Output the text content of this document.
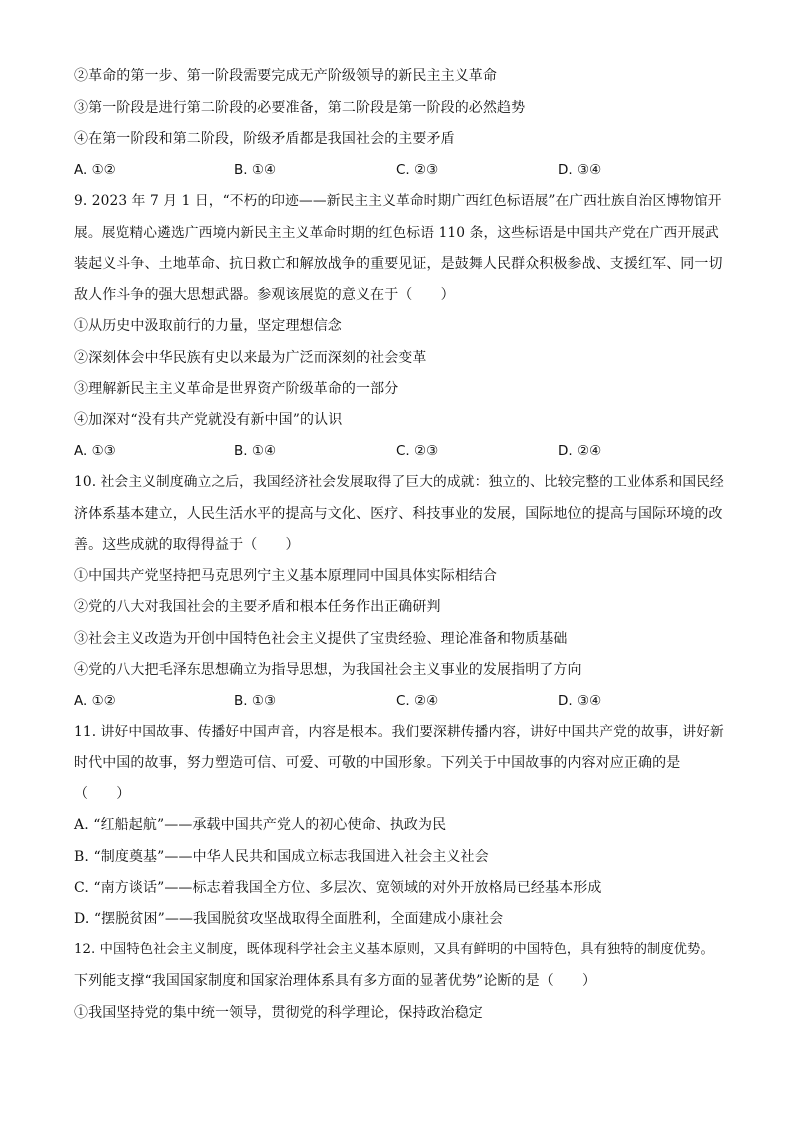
②革命的第一步、第一阶段需要完成无产阶级领导的新民主主义革命
③第一阶段是进行第二阶段的必要准备，第二阶段是第一阶段的必然趋势
④在第一阶段和第二阶段，阶级矛盾都是我国社会的主要矛盾
A. ①②	B. ①④	C. ②③	D. ③④
9. 2023 年 7 月 1 日，“不朽的印迹——新民主主义革命时期广西红色标语展”在广西壮族自治区博物馆开
展。展览精心遴选广西境内新民主主义革命时期的红色标语 110 条，这些标语是中国共产党在广西开展武
装起义斗争、土地革命、抗日救亡和解放战争的重要见证，是鼓舞人民群众积极参战、支援红军、同一切
敌人作斗争的强大思想武器。参观该展览的意义在于（　　）
①从历史中汲取前行的力量，坚定理想信念
②深刻体会中华民族有史以来最为广泛而深刻的社会变革
③理解新民主主义革命是世界资产阶级革命的一部分
④加深对“没有共产党就没有新中国”的认识
A. ①③	B. ①④	C. ②③	D. ②④
10. 社会主义制度确立之后，我国经济社会发展取得了巨大的成就：独立的、比较完整的工业体系和国民经
济体系基本建立，人民生活水平的提高与文化、医疗、科技事业的发展，国际地位的提高与国际环境的改
善。这些成就的取得得益于（　　）
①中国共产党坚持把马克思列宁主义基本原理同中国具体实际相结合
②党的八大对我国社会的主要矛盾和根本任务作出正确研判
③社会主义改造为开创中国特色社会主义提供了宝贵经验、理论准备和物质基础
④党的八大把毛泽东思想确立为指导思想，为我国社会主义事业的发展指明了方向
A. ①②	B. ①③	C. ②④	D. ③④
11. 讲好中国故事、传播好中国声音，内容是根本。我们要深耕传播内容，讲好中国共产党的故事，讲好新
时代中国的故事，努力塑造可信、可爱、可敬的中国形象。下列关于中国故事的内容对应正确的是
（　　）
A. “红船起航”——承载中国共产党人的初心使命、执政为民
B. “制度奠基”——中华人民共和国成立标志我国进入社会主义社会
C. “南方谈话”——标志着我国全方位、多层次、宽领域的对外开放格局已经基本形成
D. “摆脱贫困”——我国脱贫攻坚战取得全面胜利，全面建成小康社会
12. 中国特色社会主义制度，既体现科学社会主义基本原则，又具有鲜明的中国特色，具有独特的制度优势。
下列能支撑“我国国家制度和国家治理体系具有多方面的显著优势”论断的是（　　）
①我国坚持党的集中统一领导，贯彻党的科学理论，保持政治稳定
